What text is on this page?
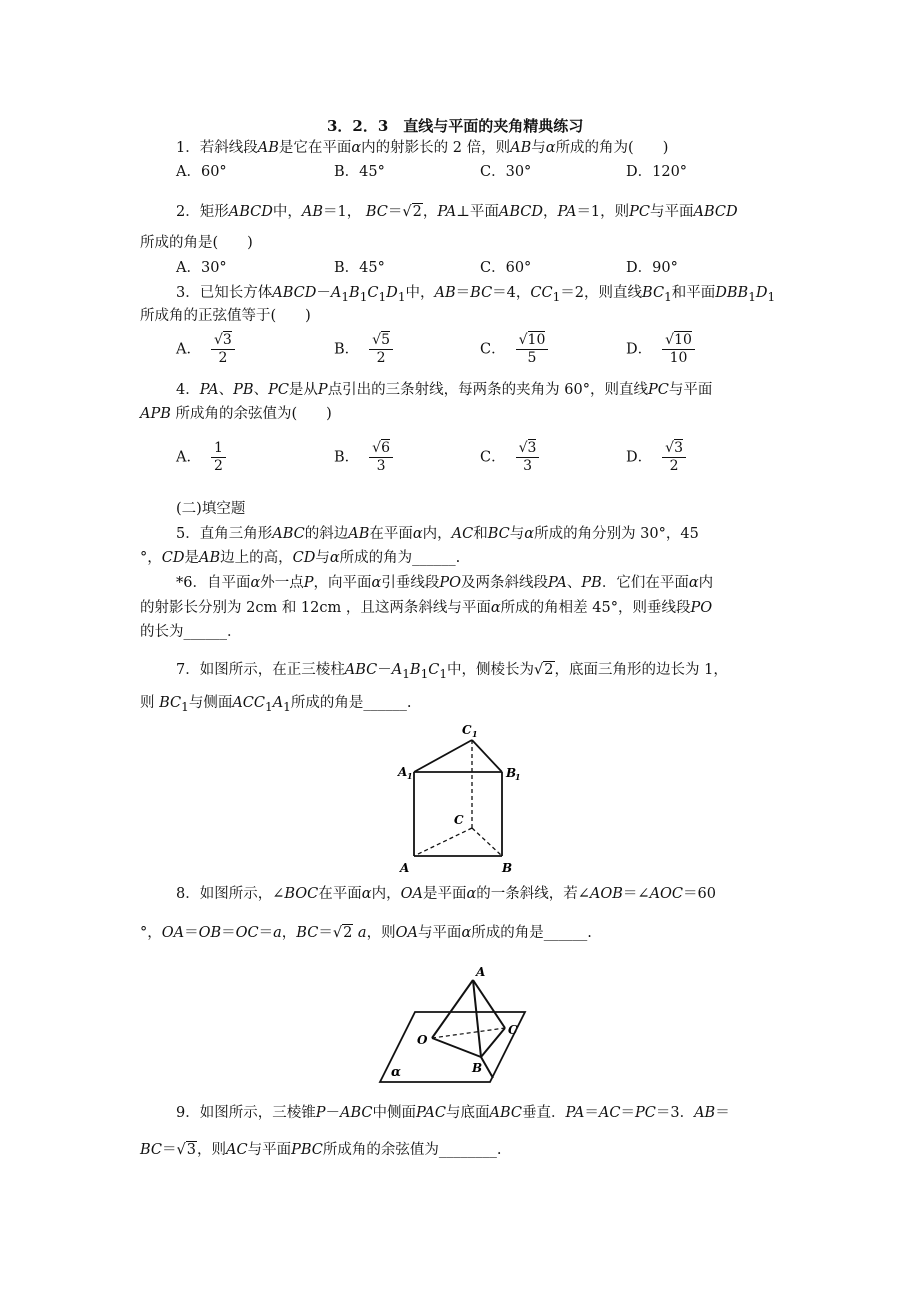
3．2．3　直线与平面的夹角精典练习
1．若斜线段AB是它在平面α内的射影长的 2 倍，则AB与α所成的角为(　　)
A．60°	B．45°	C．30°	D．120°
2．矩形ABCD中，AB＝1， BC＝√2，PA⊥平面ABCD，PA＝1，则PC与平面ABCD
所成的角是(　　)
A．30°	B．45°	C．60°	D．90°
3．已知长方体$ABCD-A_1B_1C_1D_1$中，AB＝BC＝4，$CC_1=2$，则直线$BC_1$和平面$DBB_1D_1$
所成角的正弦值等于(　　)
A． $\frac{√3}{2}$	B． $\frac{√5}{2}$	C． $\frac{√10}{5}$	D． $\frac{√10}{10}$
4．PA、PB、PC是从P点引出的三条射线，每两条的夹角为 60°，则直线PC与平面
APB 所成角的余弦值为(　　)
A． $\frac{1}{2}$	B． $\frac{√6}{3}$	C． $\frac{√3}{3}$	D． $\frac{√3}{2}$
(二)填空题
5．直角三角形ABC的斜边AB在平面α内，AC和BC与α所成的角分别为 30°，45
°，CD是AB边上的高，CD与α所成的角为______.
*6．自平面α外一点P，向平面α引垂线段PO及两条斜线段PA、PB．它们在平面α内
的射影长分别为 2cm 和 12cm ，且这两条斜线与平面α所成的角相差 45°，则垂线段PO
的长为______．
7．如图所示，在正三棱柱$ABC-A_1B_1C_1$中，侧棱长为√2，底面三角形的边长为 1，
则 $BC_1$与侧面$ACC_1A_1$所成的角是______.
C 1
A 1	B
1
C
A	B
8．如图所示，∠BOC在平面α内，OA是平面α的一条斜线，若∠AOB＝∠AOC＝60
°，OA＝OB＝OC＝a，BC＝√2 a，则OA与平面α所成的角是______.
A
O
B
C
α
9．如图所示，三棱锥P－ABC中侧面PAC与底面ABC垂直．PA＝AC＝PC＝3．AB＝
BC＝√3，则AC与平面PBC所成角的余弦值为________.
